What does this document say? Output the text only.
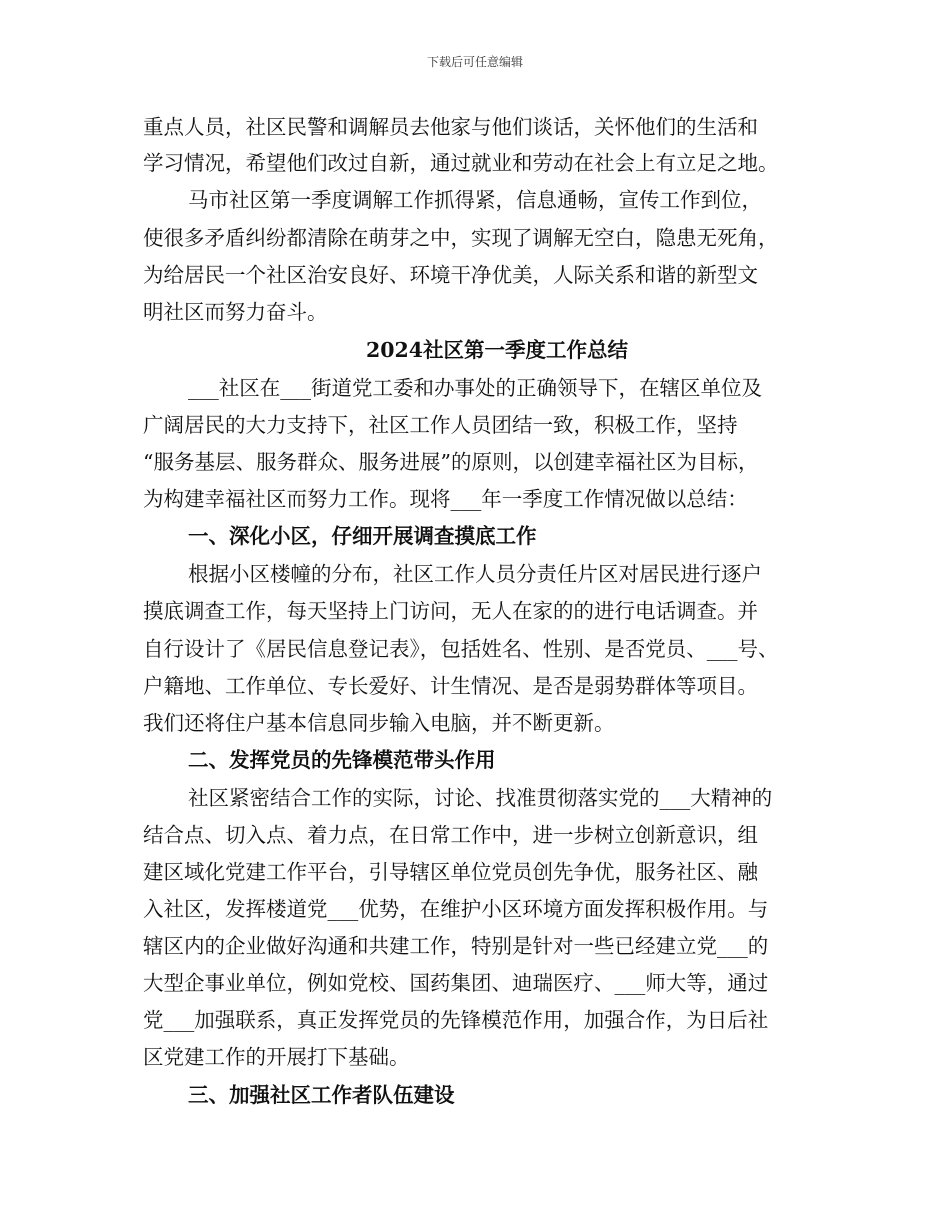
下载后可任意编辑
重点人员，社区民警和调解员去他家与他们谈话，关怀他们的生活和
学习情况，希望他们改过自新，通过就业和劳动在社会上有立足之地。
马市社区第一季度调解工作抓得紧，信息通畅，宣传工作到位，
使很多矛盾纠纷都清除在萌芽之中，实现了调解无空白，隐患无死角，
为给居民一个社区治安良好、环境干净优美，人际关系和谐的新型文
明社区而努力奋斗。
2024社区第一季度工作总结
___社区在___街道党工委和办事处的正确领导下，在辖区单位及
广阔居民的大力支持下，社区工作人员团结一致，积极工作，坚持
“服务基层、服务群众、服务进展”的原则，以创建幸福社区为目标，
为构建幸福社区而努力工作。现将___年一季度工作情况做以总结：
一、深化小区，仔细开展调查摸底工作
根据小区楼幢的分布，社区工作人员分责任片区对居民进行逐户
摸底调查工作，每天坚持上门访问，无人在家的的进行电话调查。并
自行设计了《居民信息登记表》，包括姓名、性别、是否党员、___号、
户籍地、工作单位、专长爱好、计生情况、是否是弱势群体等项目。
我们还将住户基本信息同步输入电脑，并不断更新。
二、发挥党员的先锋模范带头作用
社区紧密结合工作的实际，讨论、找准贯彻落实党的___大精神的
结合点、切入点、着力点，在日常工作中，进一步树立创新意识，组
建区域化党建工作平台，引导辖区单位党员创先争优，服务社区、融
入社区，发挥楼道党___优势，在维护小区环境方面发挥积极作用。与
辖区内的企业做好沟通和共建工作，特别是针对一些已经建立党___的
大型企事业单位，例如党校、国药集团、迪瑞医疗、___师大等，通过
党___加强联系，真正发挥党员的先锋模范作用，加强合作，为日后社
区党建工作的开展打下基础。
三、加强社区工作者队伍建设
